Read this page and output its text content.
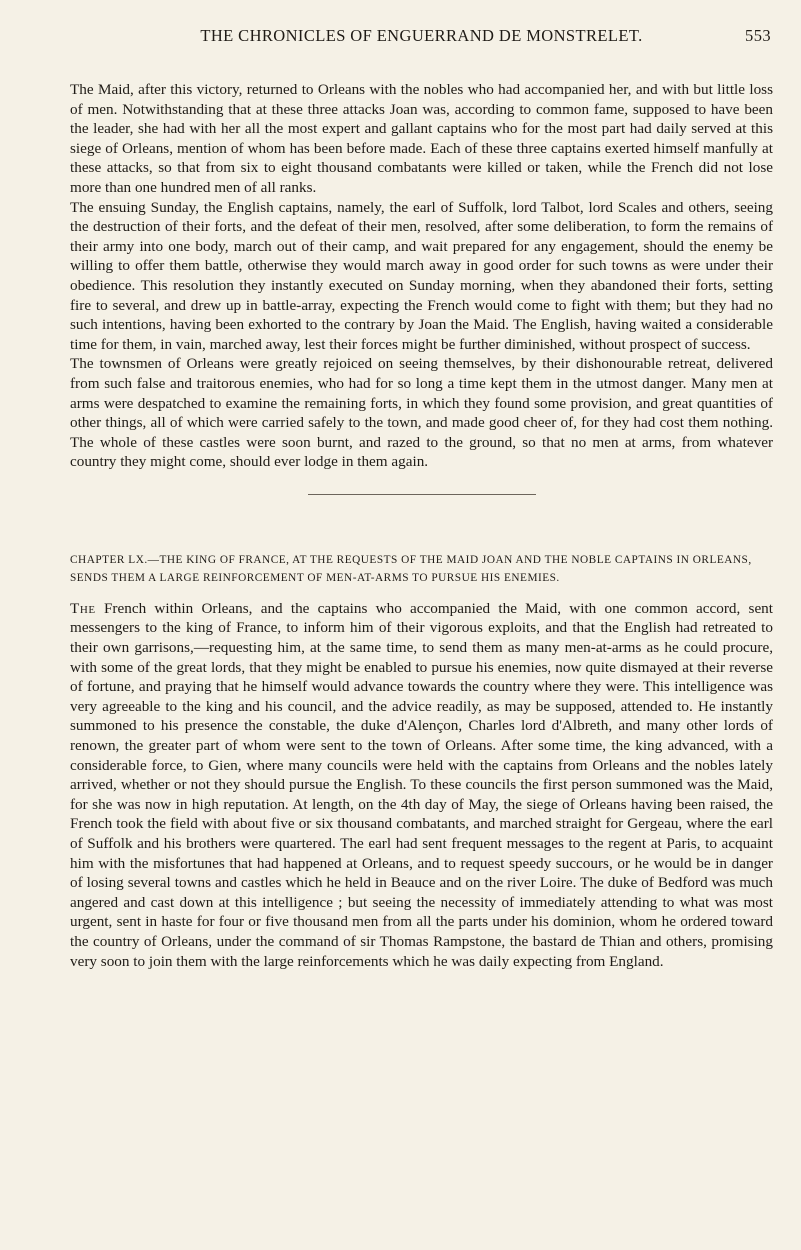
THE CHRONICLES OF ENGUERRAND DE MONSTRELET.	553

The Maid, after this victory, returned to Orleans with the nobles who had accompanied her, and with but little loss of men. Notwithstanding that at these three attacks Joan was, according to common fame, supposed to have been the leader, she had with her all the most expert and gallant captains who for the most part had daily served at this siege of Orleans, mention of whom has been before made. Each of these three captains exerted himself manfully at these attacks, so that from six to eight thousand combatants were killed or taken, while the French did not lose more than one hundred men of all ranks.

The ensuing Sunday, the English captains, namely, the earl of Suffolk, lord Talbot, lord Scales and others, seeing the destruction of their forts, and the defeat of their men, resolved, after some deliberation, to form the remains of their army into one body, march out of their camp, and wait prepared for any engagement, should the enemy be willing to offer them battle, otherwise they would march away in good order for such towns as were under their obedience. This resolution they instantly executed on Sunday morning, when they abandoned their forts, setting fire to several, and drew up in battle-array, expecting the French would come to fight with them; but they had no such intentions, having been exhorted to the contrary by Joan the Maid. The English, having waited a considerable time for them, in vain, marched away, lest their forces might be further diminished, without prospect of success.

The townsmen of Orleans were greatly rejoiced on seeing themselves, by their dishonourable retreat, delivered from such false and traitorous enemies, who had for so long a time kept them in the utmost danger. Many men at arms were despatched to examine the remaining forts, in which they found some provision, and great quantities of other things, all of which were carried safely to the town, and made good cheer of, for they had cost them nothing. The whole of these castles were soon burnt, and razed to the ground, so that no men at arms, from whatever country they might come, should ever lodge in them again.

CHAPTER LX.—THE KING OF FRANCE, AT THE REQUESTS OF THE MAID JOAN AND THE NOBLE CAPTAINS IN ORLEANS, SENDS THEM A LARGE REINFORCEMENT OF MEN-AT-ARMS TO PURSUE HIS ENEMIES.

The French within Orleans, and the captains who accompanied the Maid, with one common accord, sent messengers to the king of France, to inform him of their vigorous exploits, and that the English had retreated to their own garrisons,—requesting him, at the same time, to send them as many men-at-arms as he could procure, with some of the great lords, that they might be enabled to pursue his enemies, now quite dismayed at their reverse of fortune, and praying that he himself would advance towards the country where they were. This intelligence was very agreeable to the king and his council, and the advice readily, as may be supposed, attended to. He instantly summoned to his presence the constable, the duke d'Alençon, Charles lord d'Albreth, and many other lords of renown, the greater part of whom were sent to the town of Orleans. After some time, the king advanced, with a considerable force, to Gien, where many councils were held with the captains from Orleans and the nobles lately arrived, whether or not they should pursue the English. To these councils the first person summoned was the Maid, for she was now in high reputation. At length, on the 4th day of May, the siege of Orleans having been raised, the French took the field with about five or six thousand combatants, and marched straight for Gergeau, where the earl of Suffolk and his brothers were quartered. The earl had sent frequent messages to the regent at Paris, to acquaint him with the misfortunes that had happened at Orleans, and to request speedy succours, or he would be in danger of losing several towns and castles which he held in Beauce and on the river Loire. The duke of Bedford was much angered and cast down at this intelligence ; but seeing the necessity of immediately attending to what was most urgent, sent in haste for four or five thousand men from all the parts under his dominion, whom he ordered toward the country of Orleans, under the command of sir Thomas Rampstone, the bastard de Thian and others, promising very soon to join them with the large reinforcements which he was daily expecting from England.
